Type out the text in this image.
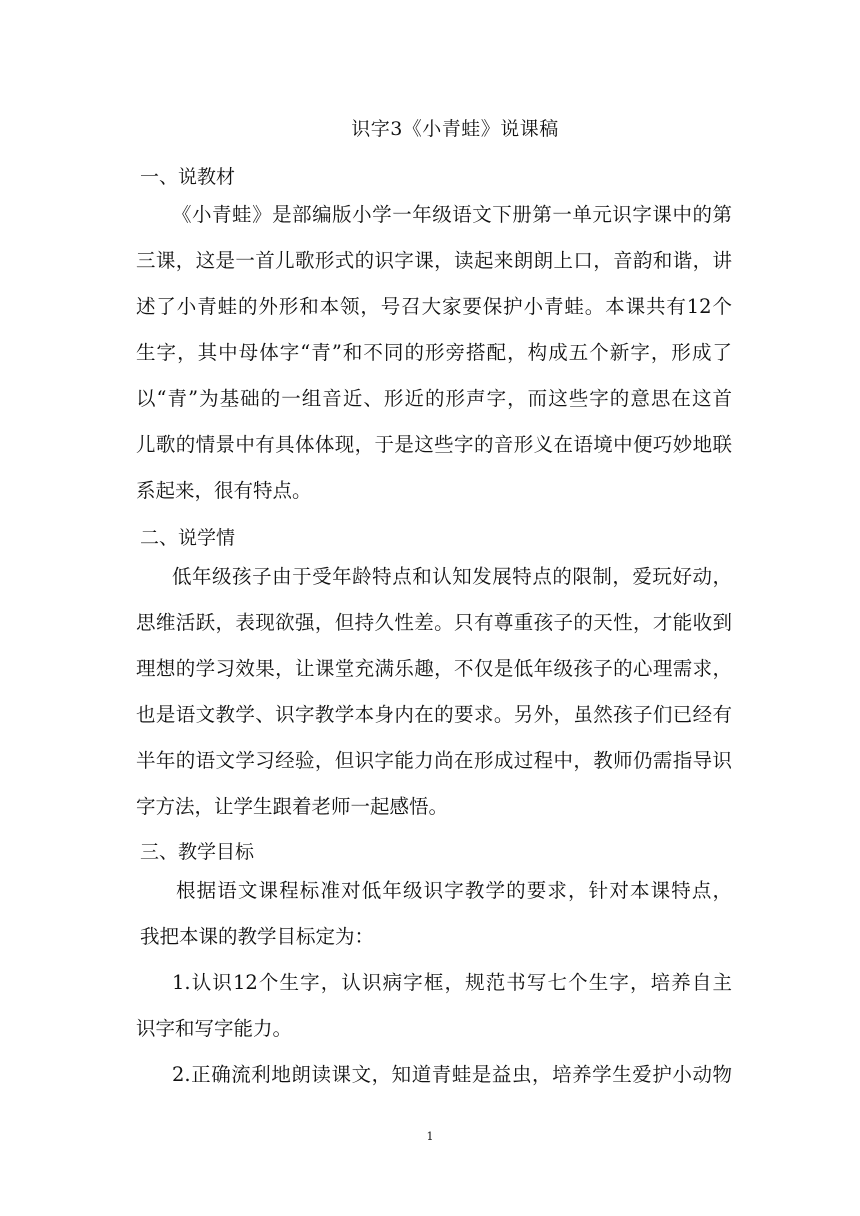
识字3《小青蛙》说课稿
一、说教材
《小青蛙》是部编版小学一年级语文下册第一单元识字课中的第
三课，这是一首儿歌形式的识字课，读起来朗朗上口，音韵和谐，讲
述了小青蛙的外形和本领，号召大家要保护小青蛙。本课共有12个
生字，其中母体字“青”和不同的形旁搭配，构成五个新字，形成了
以“青”为基础的一组音近、形近的形声字，而这些字的意思在这首
儿歌的情景中有具体体现，于是这些字的音形义在语境中便巧妙地联
系起来，很有特点。
二、说学情
低年级孩子由于受年龄特点和认知发展特点的限制，爱玩好动，
思维活跃，表现欲强，但持久性差。只有尊重孩子的天性，才能收到
理想的学习效果，让课堂充满乐趣，不仅是低年级孩子的心理需求，
也是语文教学、识字教学本身内在的要求。另外，虽然孩子们已经有
半年的语文学习经验，但识字能力尚在形成过程中，教师仍需指导识
字方法，让学生跟着老师一起感悟。
三、教学目标
根据语文课程标准对低年级识字教学的要求，针对本课特点，
我把本课的教学目标定为：
1.认识12个生字，认识病字框，规范书写七个生字，培养自主
识字和写字能力。
2.正确流利地朗读课文，知道青蛙是益虫，培养学生爱护小动物
1
